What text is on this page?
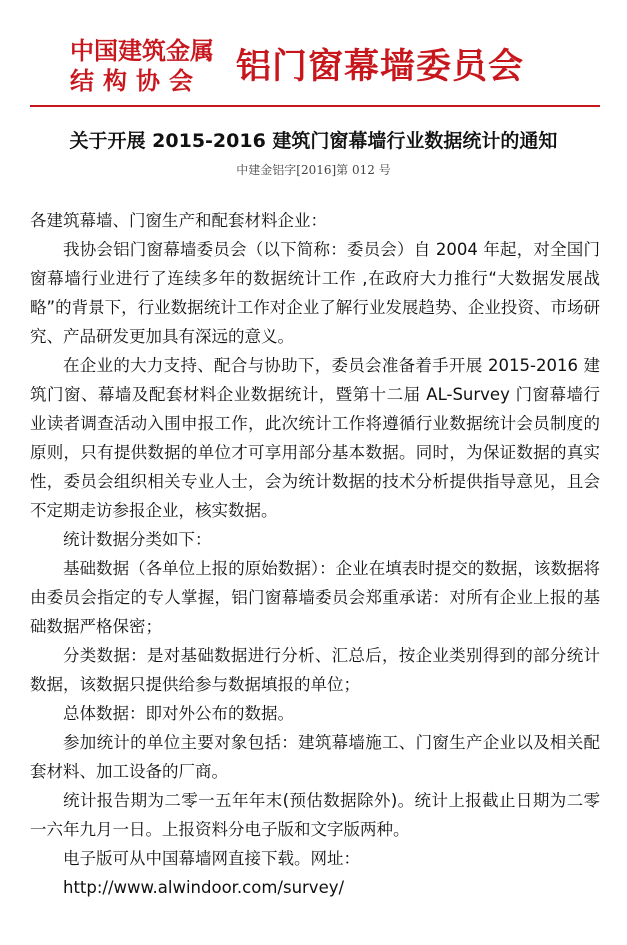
中国建筑金属
结构协会 铝门窗幕墙委员会
关于开展 2015-2016 建筑门窗幕墙行业数据统计的通知
中建金铝字[2016]第 012 号

各建筑幕墙、门窗生产和配套材料企业：

我协会铝门窗幕墙委员会（以下简称：委员会）自 2004 年起，对全国门窗幕墙行业进行了连续多年的数据统计工作 ,在政府大力推行“大数据发展战略”的背景下，行业数据统计工作对企业了解行业发展趋势、企业投资、市场研究、产品研发更加具有深远的意义。

在企业的大力支持、配合与协助下，委员会准备着手开展 2015-2016 建筑门窗、幕墙及配套材料企业数据统计，暨第十二届 AL-Survey 门窗幕墙行业读者调查活动入围申报工作，此次统计工作将遵循行业数据统计会员制度的原则，只有提供数据的单位才可享用部分基本数据。同时，为保证数据的真实性，委员会组织相关专业人士，会为统计数据的技术分析提供指导意见，且会不定期走访参报企业，核实数据。

统计数据分类如下：

基础数据（各单位上报的原始数据）：企业在填表时提交的数据，该数据将由委员会指定的专人掌握，铝门窗幕墙委员会郑重承诺：对所有企业上报的基础数据严格保密；

分类数据：是对基础数据进行分析、汇总后，按企业类别得到的部分统计数据，该数据只提供给参与数据填报的单位；

总体数据：即对外公布的数据。

参加统计的单位主要对象包括：建筑幕墙施工、门窗生产企业以及相关配套材料、加工设备的厂商。

统计报告期为二零一五年年末(预估数据除外)。统计上报截止日期为二零一六年九月一日。上报资料分电子版和文字版两种。

电子版可从中国幕墙网直接下载。网址：

http://www.alwindoor.com/survey/
